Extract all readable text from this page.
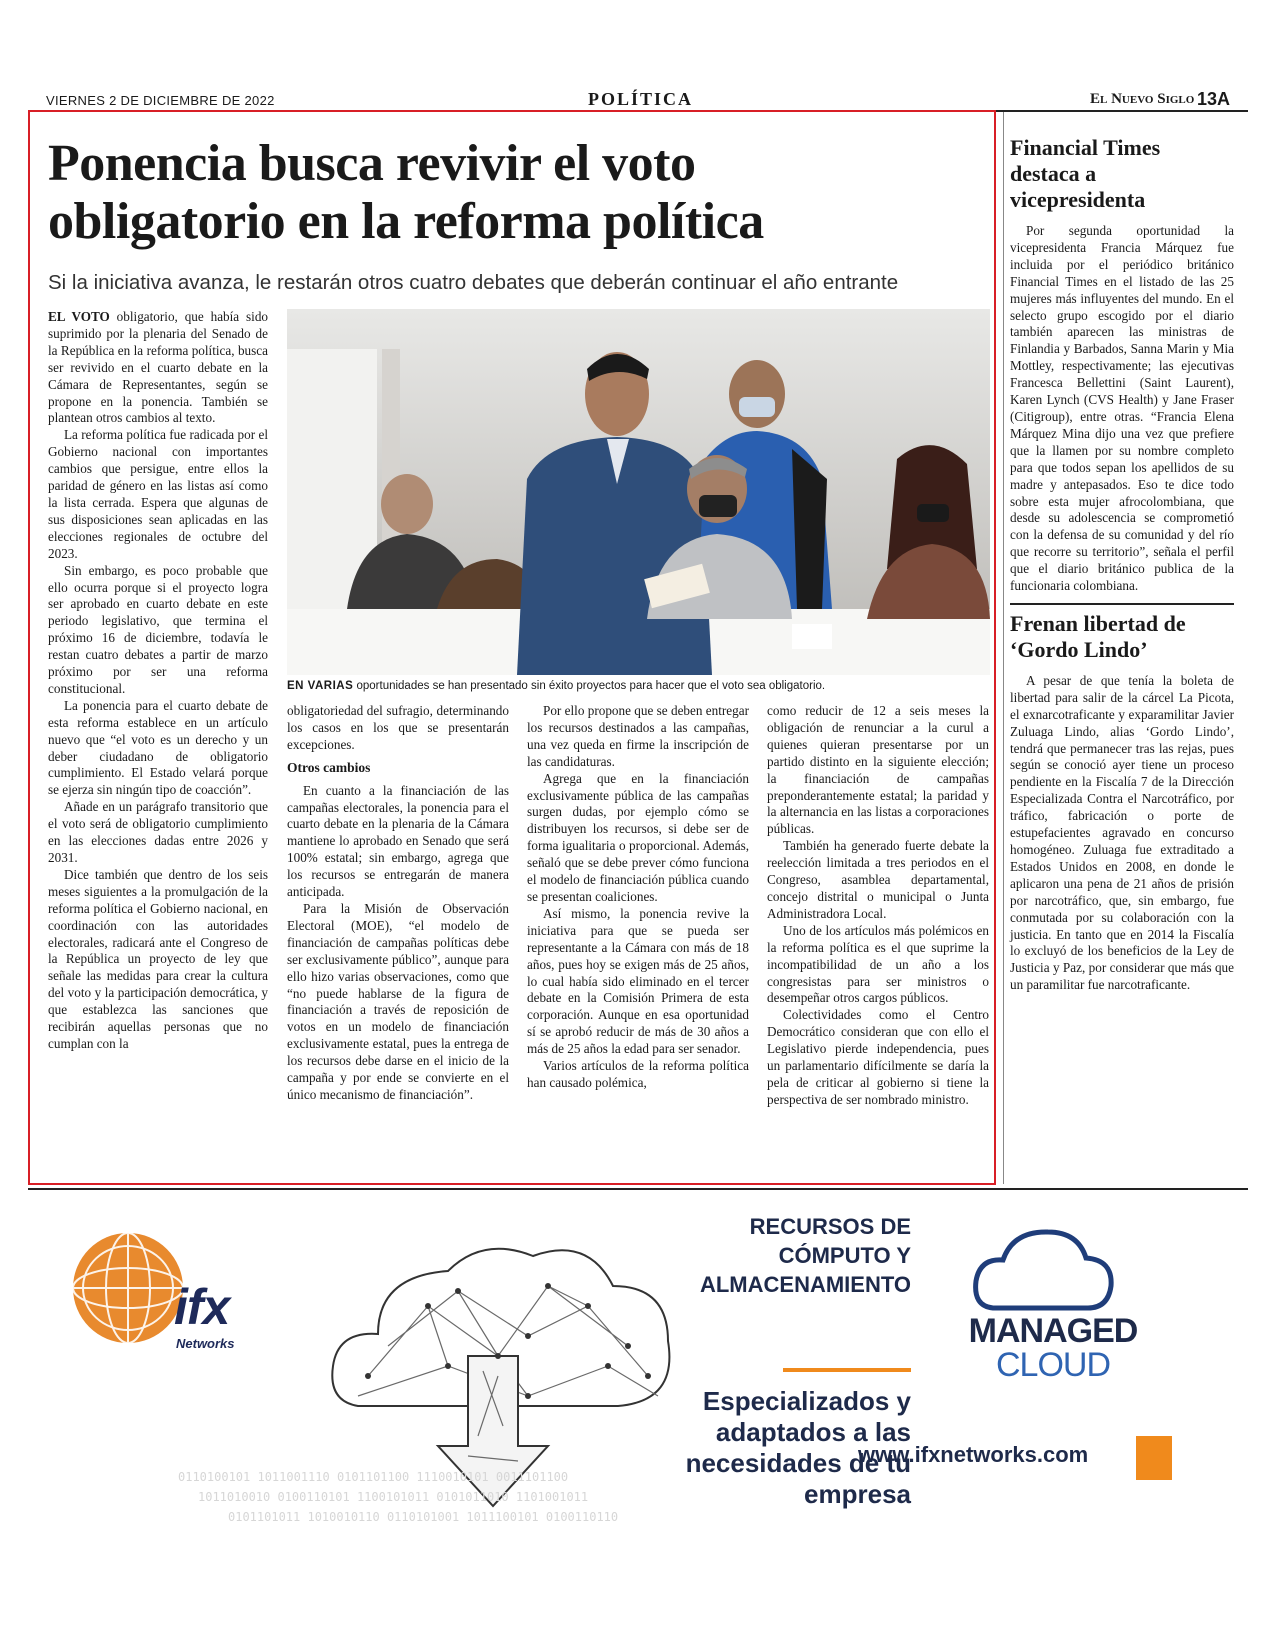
VIERNES 2 DE DICIEMBRE DE 2022	POLÍTICA	El Nuevo Siglo 13A
Ponencia busca revivir el voto
obligatorio en la reforma política
Si la iniciativa avanza, le restarán otros cuatro debates que deberán continuar el año entrante

EL VOTO obligatorio, que había sido suprimido por la plenaria del Senado de la República en la reforma política, busca ser revivido en el cuarto debate en la Cámara de Representantes, según se propone en la ponencia. También se plantean otros cambios al texto.

La reforma política fue radicada por el Gobierno nacional con importantes cambios que persigue, entre ellos la paridad de género en las listas así como la lista cerrada. Espera que algunas de sus disposiciones sean aplicadas en las elecciones regionales de octubre del 2023.

Sin embargo, es poco probable que ello ocurra porque si el proyecto logra ser aprobado en cuarto debate en este periodo legislativo, que termina el próximo 16 de diciembre, todavía le restan cuatro debates a partir de marzo próximo por ser una reforma constitucional.

La ponencia para el cuarto debate de esta reforma establece en un artículo nuevo que “el voto es un derecho y un deber ciudadano de obligatorio cumplimiento. El Estado velará porque se ejerza sin ningún tipo de coacción”.

Añade en un parágrafo transitorio que el voto será de obligatorio cumplimiento en las elecciones dadas entre 2026 y 2031.

Dice también que dentro de los seis meses siguientes a la promulgación de la reforma política el Gobierno nacional, en coordinación con las autoridades electorales, radicará ante el Congreso de la República un proyecto de ley que señale las medidas para crear la cultura del voto y la participación democrática, y que establezca las sanciones que recibirán aquellas personas que no cumplan con la

EN VARIAS oportunidades se han presentado sin éxito proyectos para hacer que el voto sea obligatorio.

obligatoriedad del sufragio, determinando los casos en los que se presentarán excepciones.

Otros cambios

En cuanto a la financiación de las campañas electorales, la ponencia para el cuarto debate en la plenaria de la Cámara mantiene lo aprobado en Senado que será 100% estatal; sin embargo, agrega que los recursos se entregarán de manera anticipada.

Para la Misión de Observación Electoral (MOE), “el modelo de financiación de campañas políticas debe ser exclusivamente público”, aunque para ello hizo varias observaciones, como que “no puede hablarse de la figura de financiación a través de reposición de votos en un modelo de financiación exclusivamente estatal, pues la entrega de los recursos debe darse en el inicio de la campaña y por ende se convierte en el único mecanismo de financiación”.

Por ello propone que se deben entregar los recursos destinados a las campañas, una vez queda en firme la inscripción de las candidaturas.

Agrega que en la financiación exclusivamente pública de las campañas surgen dudas, por ejemplo cómo se distribuyen los recursos, si debe ser de forma igualitaria o proporcional. Además, señaló que se debe prever cómo funciona el modelo de financiación pública cuando se presentan coaliciones.

Así mismo, la ponencia revive la iniciativa para que se pueda ser representante a la Cámara con más de 18 años, pues hoy se exigen más de 25 años, lo cual había sido eliminado en el tercer debate en la Comisión Primera de esta corporación. Aunque en esa oportunidad sí se aprobó reducir de más de 30 años a más de 25 años la edad para ser senador.

Varios artículos de la reforma política han causado polémica,

como reducir de 12 a seis meses la obligación de renunciar a la curul a quienes quieran presentarse por un partido distinto en la siguiente elección; la financiación de campañas preponderantemente estatal; la paridad y la alternancia en las listas a corporaciones públicas.

También ha generado fuerte debate la reelección limitada a tres periodos en el Congreso, asamblea departamental, concejo distrital o municipal o Junta Administradora Local.

Uno de los artículos más polémicos en la reforma política es el que suprime la incompatibilidad de un año a los congresistas para ser ministros o desempeñar otros cargos públicos.

Colectividades como el Centro Democrático consideran que con ello el Legislativo pierde independencia, pues un parlamentario difícilmente se daría la pela de criticar al gobierno si tiene la perspectiva de ser nombrado ministro.

Financial Times destaca a vicepresidenta

Por segunda oportunidad la vicepresidenta Francia Márquez fue incluida por el periódico británico Financial Times en el listado de las 25 mujeres más influyentes del mundo. En el selecto grupo escogido por el diario también aparecen las ministras de Finlandia y Barbados, Sanna Marin y Mia Mottley, respectivamente; las ejecutivas Francesca Bellettini (Saint Laurent), Karen Lynch (CVS Health) y Jane Fraser (Citigroup), entre otras. “Francia Elena Márquez Mina dijo una vez que prefiere que la llamen por su nombre completo para que todos sepan los apellidos de su madre y antepasados. Eso te dice todo sobre esta mujer afrocolombiana, que desde su adolescencia se comprometió con la defensa de su comunidad y del río que recorre su territorio”, señala el perfil que el diario británico publica de la funcionaria colombiana.

Frenan libertad de ‘Gordo Lindo’

A pesar de que tenía la boleta de libertad para salir de la cárcel La Picota, el exnarcotraficante y exparamilitar Javier Zuluaga Lindo, alias ‘Gordo Lindo’, tendrá que permanecer tras las rejas, pues según se conoció ayer tiene un proceso pendiente en la Fiscalía 7 de la Dirección Especializada Contra el Narcotráfico, por tráfico, fabricación o porte de estupefacientes agravado en concurso homogéneo. Zuluaga fue extraditado a Estados Unidos en 2008, en donde le aplicaron una pena de 21 años de prisión por narcotráfico, que, sin embargo, fue conmutada por su colaboración con la justicia. En tanto que en 2014 la Fiscalía lo excluyó de los beneficios de la Ley de Justicia y Paz, por considerar que más que un paramilitar fue narcotraficante.

0110100101 1011001110 0101101100 1110010101 0011101100
1011010010 0100110101 1100101011 0101011010 1101001011
0101101011 1010010110 0110101001 1011100101 0100110110
ifx
Networks
RECURSOS DE
CÓMPUTO Y
ALMACENAMIENTO
Especializados y
adaptados a las
necesidades de tu
empresa
MANAGED
CLOUD
www.ifxnetworks.com
